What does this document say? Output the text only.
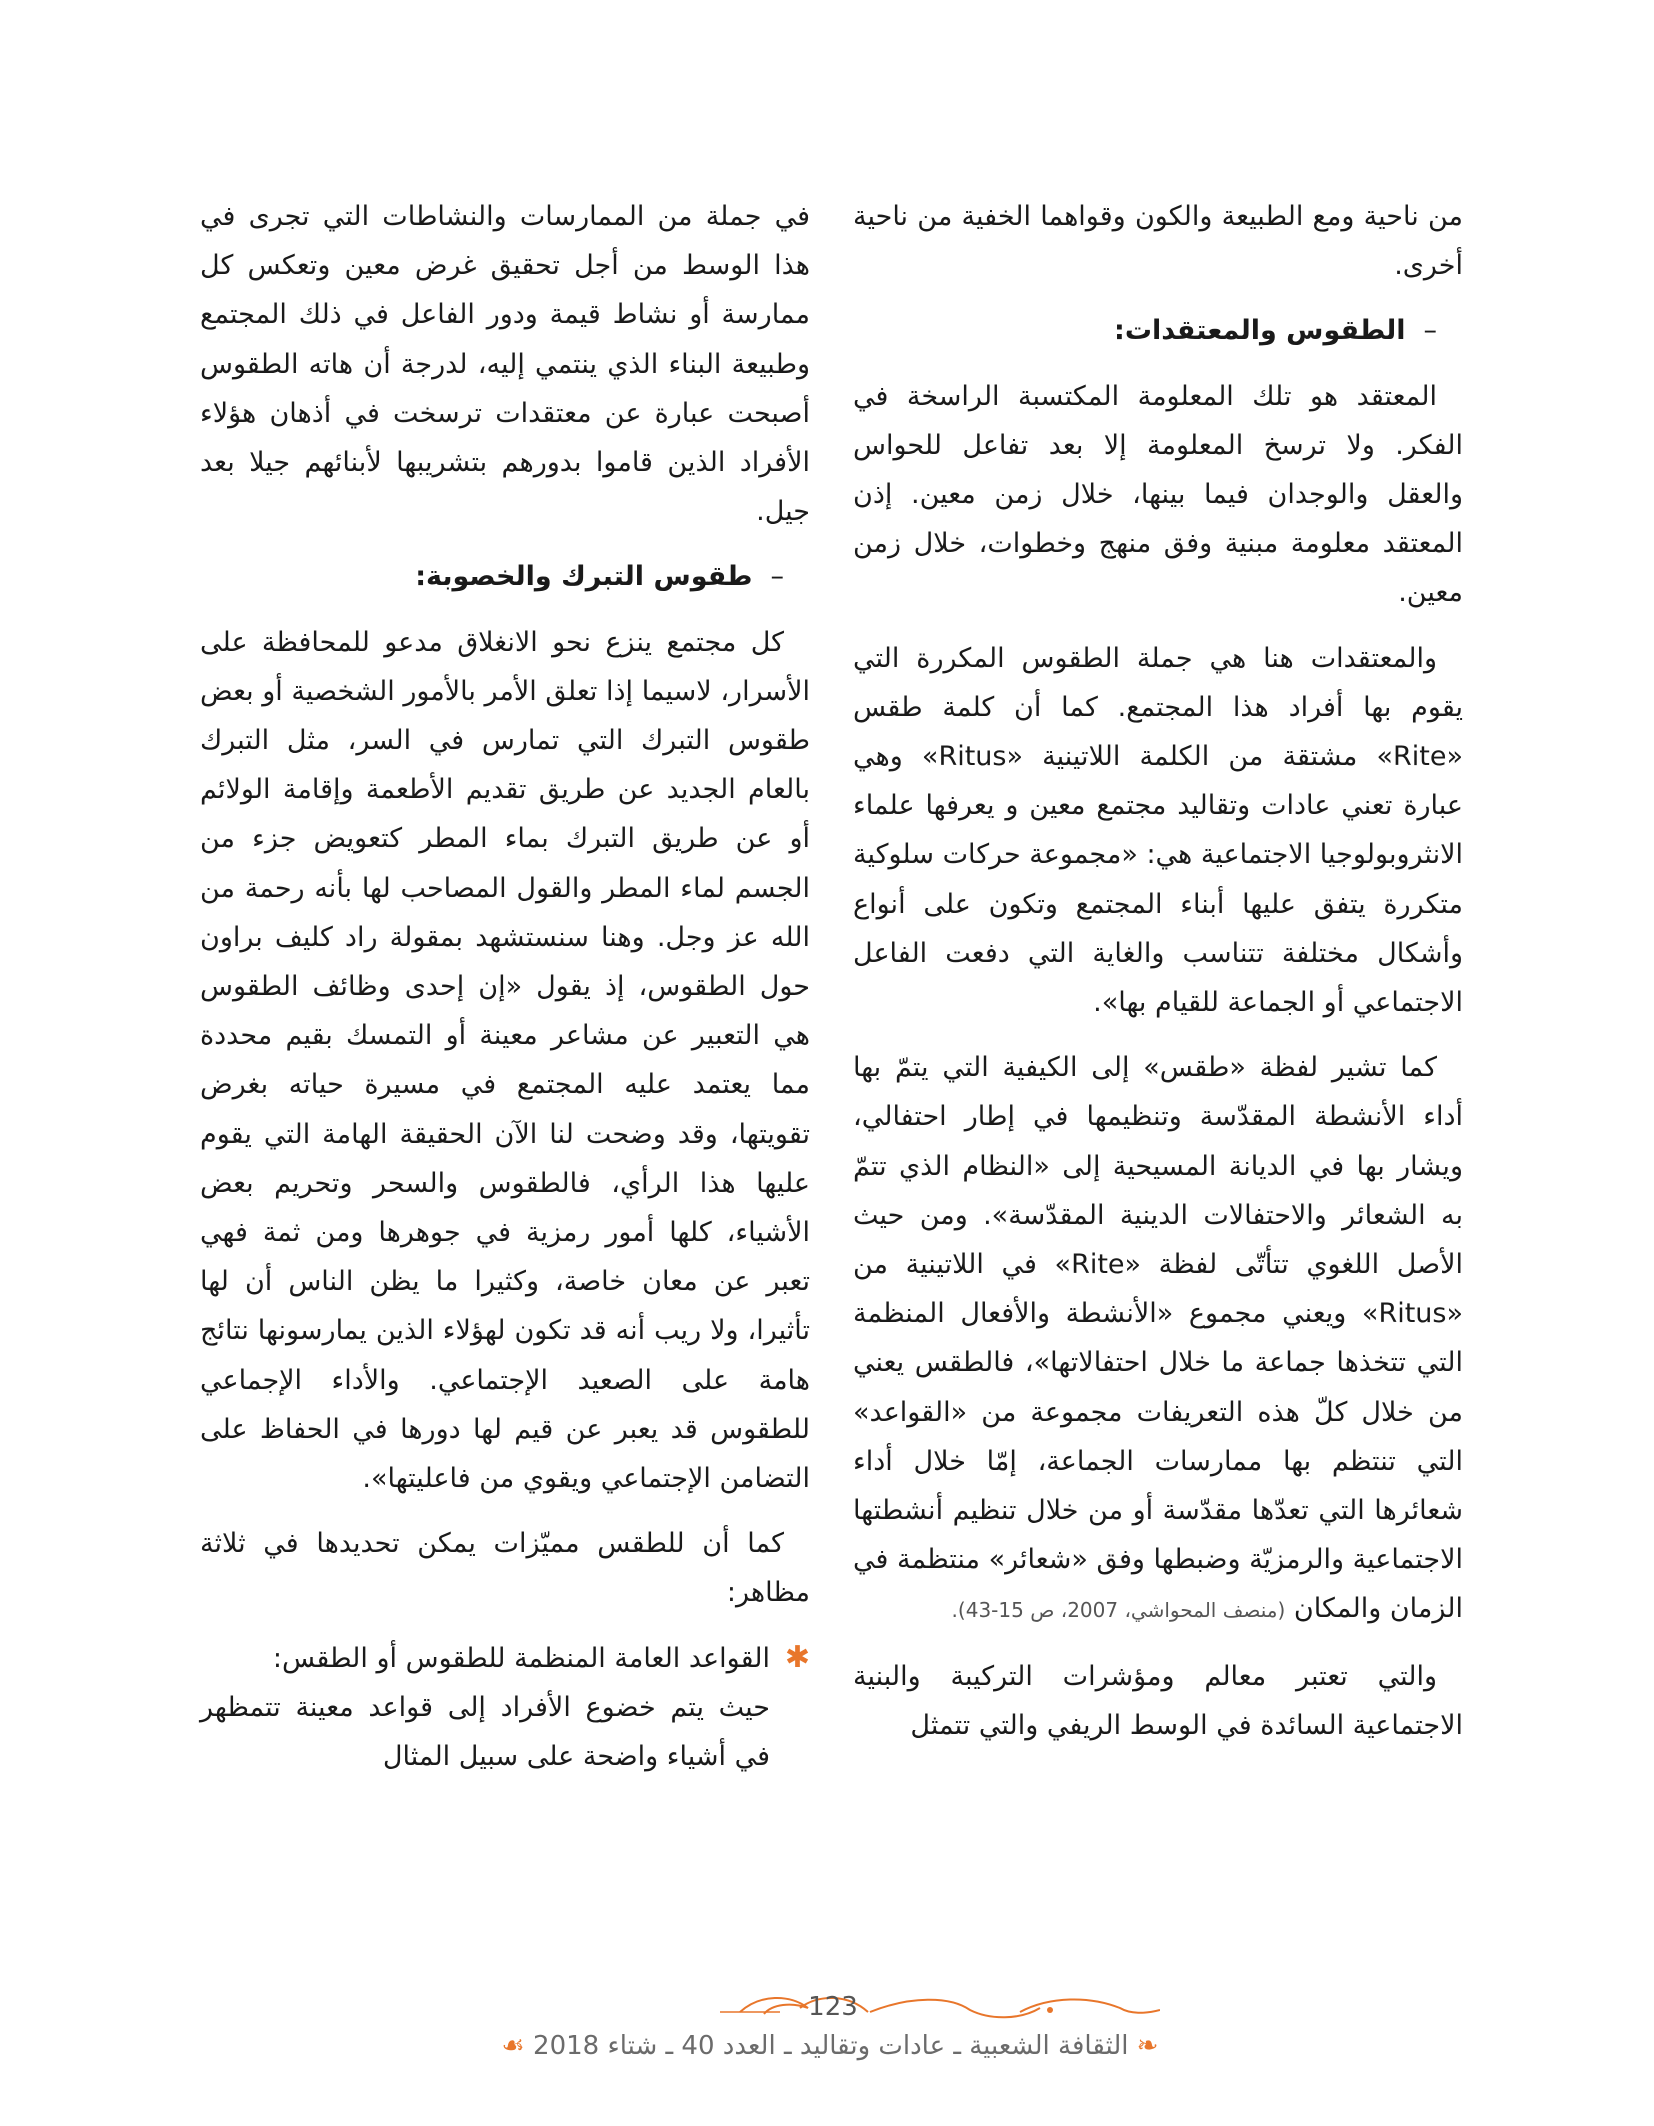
من ناحية ومع الطبيعة والكون وقواهما الخفية من ناحية أخرى.

–الطقوس والمعتقدات:

المعتقد هو تلك المعلومة المكتسبة الراسخة في الفكر. ولا ترسخ المعلومة إلا بعد تفاعل للحواس والعقل والوجدان فيما بينها، خلال زمن معين. إذن المعتقد معلومة مبنية وفق منهج وخطوات، خلال زمن معين.

والمعتقدات هنا هي جملة الطقوس المكررة التي يقوم بها أفراد هذا المجتمع. كما أن كلمة طقس «Rite» مشتقة من الكلمة اللاتينية «Ritus» وهي عبارة تعني عادات وتقاليد مجتمع معين و يعرفها علماء الانثروبولوجيا الاجتماعية هي: «مجموعة حركات سلوكية متكررة يتفق عليها أبناء المجتمع وتكون على أنواع وأشكال مختلفة تتناسب والغاية التي دفعت الفاعل الاجتماعي أو الجماعة للقيام بها».

كما تشير لفظة «طقس» إلى الكيفية التي يتمّ بها أداء الأنشطة المقدّسة وتنظيمها في إطار احتفالي، ويشار بها في الديانة المسيحية إلى «النظام الذي تتمّ به الشعائر والاحتفالات الدينية المقدّسة». ومن حيث الأصل اللغوي تتأتّى لفظة «Rite» في اللاتينية من «Ritus» ويعني مجموع «الأنشطة والأفعال المنظمة التي تتخذها جماعة ما خلال احتفالاتها»، فالطقس يعني من خلال كلّ هذه التعريفات مجموعة من «القواعد» التي تنتظم بها ممارسات الجماعة، إمّا خلال أداء شعائرها التي تعدّها مقدّسة أو من خلال تنظيم أنشطتها الاجتماعية والرمزيّة وضبطها وفق «شعائر» منتظمة في الزمان والمكان (منصف المحواشي، 2007، ص 15-43).

والتي تعتبر معالم ومؤشرات التركيبة والبنية الاجتماعية السائدة في الوسط الريفي والتي تتمثل

في جملة من الممارسات والنشاطات التي تجرى في هذا الوسط من أجل تحقيق غرض معين وتعكس كل ممارسة أو نشاط قيمة ودور الفاعل في ذلك المجتمع وطبيعة البناء الذي ينتمي إليه، لدرجة أن هاته الطقوس أصبحت عبارة عن معتقدات ترسخت في أذهان هؤلاء الأفراد الذين قاموا بدورهم بتشريبها لأبنائهم جيلا بعد جيل.

–طقوس التبرك والخصوبة:

كل مجتمع ينزع نحو الانغلاق مدعو للمحافظة على الأسرار، لاسيما إذا تعلق الأمر بالأمور الشخصية أو بعض طقوس التبرك التي تمارس في السر، مثل التبرك بالعام الجديد عن طريق تقديم الأطعمة وإقامة الولائم أو عن طريق التبرك بماء المطر كتعويض جزء من الجسم لماء المطر والقول المصاحب لها بأنه رحمة من الله عز وجل. وهنا سنستشهد بمقولة راد كليف براون حول الطقوس، إذ يقول «إن إحدى وظائف الطقوس هي التعبير عن مشاعر معينة أو التمسك بقيم محددة مما يعتمد عليه المجتمع في مسيرة حياته بغرض تقويتها، وقد وضحت لنا الآن الحقيقة الهامة التي يقوم عليها هذا الرأي، فالطقوس والسحر وتحريم بعض الأشياء، كلها أمور رمزية في جوهرها ومن ثمة فهي تعبر عن معان خاصة، وكثيرا ما يظن الناس أن لها تأثيرا، ولا ريب أنه قد تكون لهؤلاء الذين يمارسونها نتائج هامة على الصعيد الإجتماعي. والأداء الإجماعي للطقوس قد يعبر عن قيم لها دورها في الحفاظ على التضامن الإجتماعي ويقوي من فاعليتها».

كما أن للطقس مميّزات يمكن تحديدها في ثلاثة مظاهر:

✱

القواعد العامة المنظمة للطقوس أو الطقس:

حيث يتم خضوع الأفراد إلى قواعد معينة تتمظهر في أشياء واضحة على سبيل المثال

123
❧ الثقافة الشعبية ـ عادات وتقاليد ـ العدد 40 ـ شتاء 2018 ☙
